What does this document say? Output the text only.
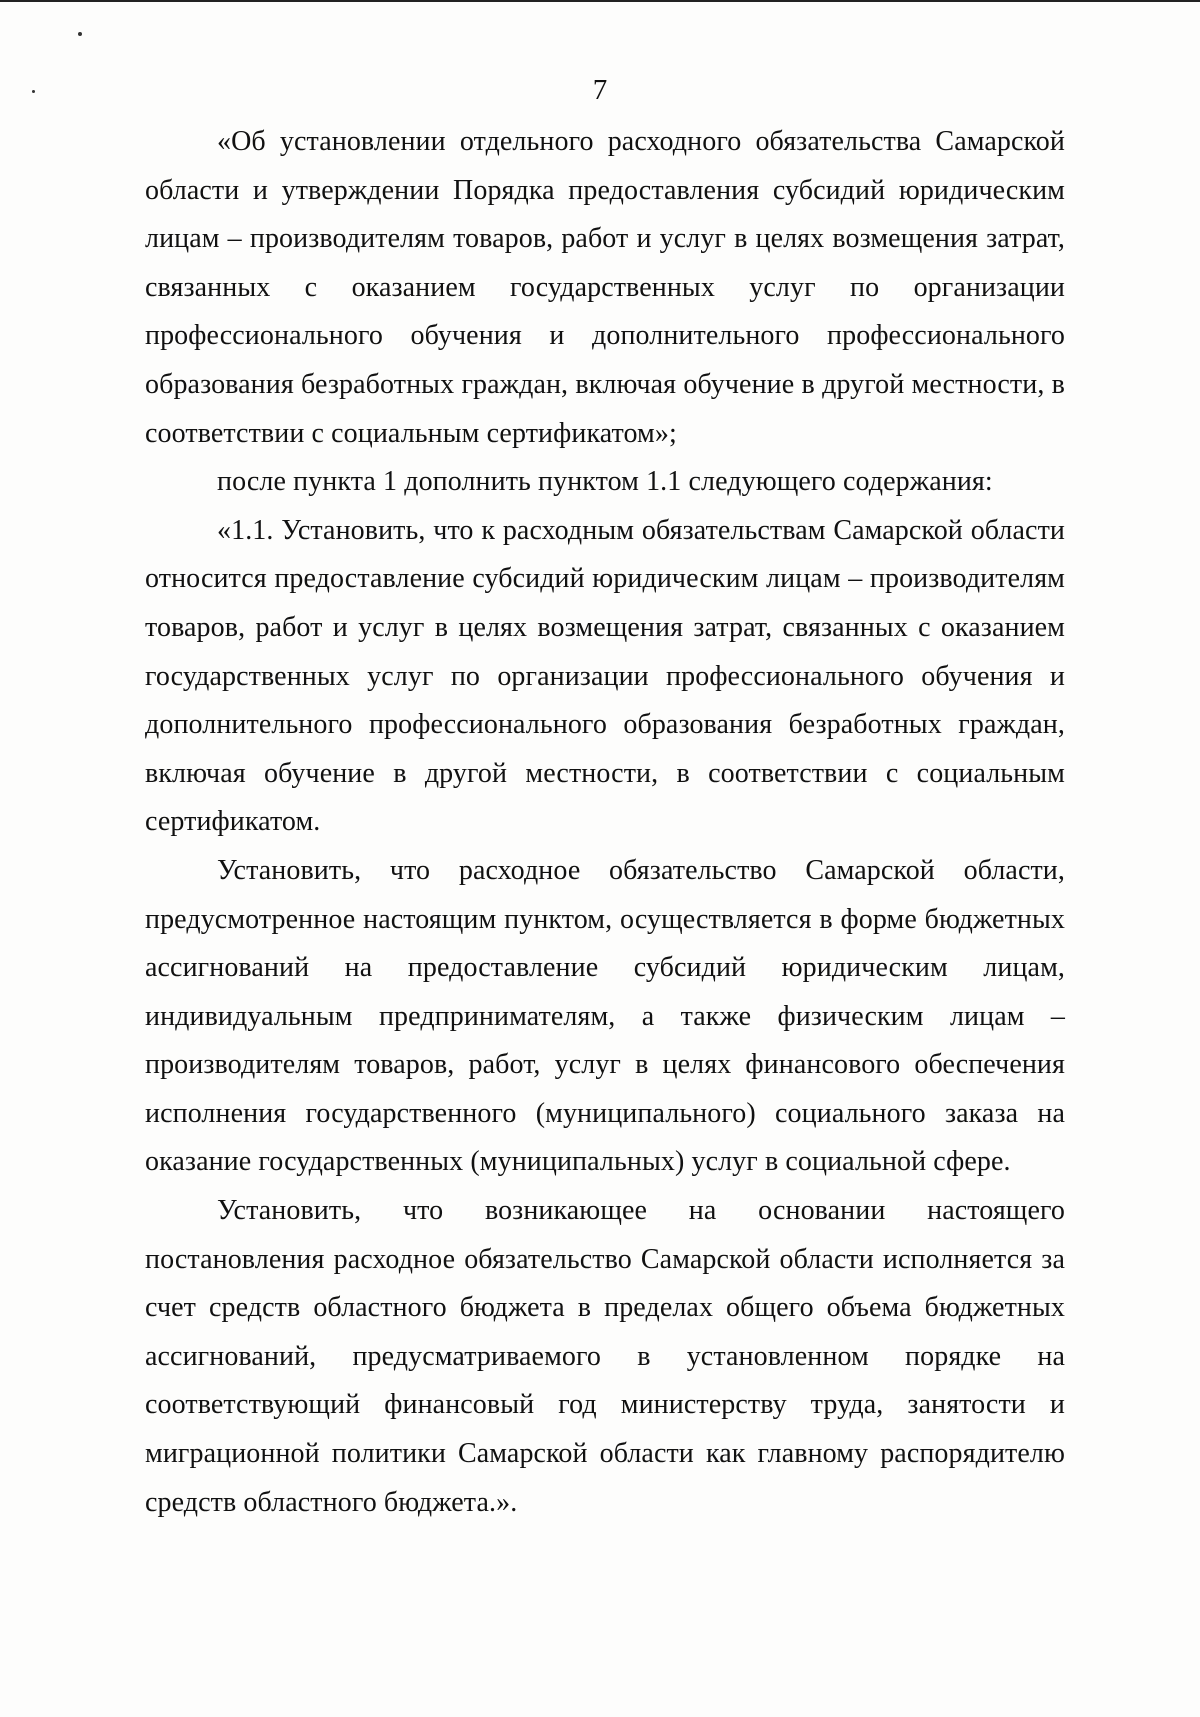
7

«Об установлении отдельного расходного обязательства Самарской области и утверждении Порядка предоставления субсидий юридическим лицам – производителям товаров, работ и услуг в целях возмещения затрат, связанных с оказанием государственных услуг по организации профессионального обучения и дополнительного профессионального образования безработных граждан, включая обучение в другой местности, в соответствии с социальным сертификатом»;

после пункта 1 дополнить пунктом 1.1 следующего содержания:

«1.1. Установить, что к расходным обязательствам Самарской области относится предоставление субсидий юридическим лицам – производителям товаров, работ и услуг в целях возмещения затрат, связанных с оказанием государственных услуг по организации профессионального обучения и дополнительного профессионального образования безработных граждан, включая обучение в другой местности, в соответствии с социальным сертификатом.

Установить, что расходное обязательство Самарской области, предусмотренное настоящим пунктом, осуществляется в форме бюджетных ассигнований на предоставление субсидий юридическим лицам, индивидуальным предпринимателям, а также физическим лицам – производителям товаров, работ, услуг в целях финансового обеспечения исполнения государственного (муниципального) социального заказа на оказание государственных (муниципальных) услуг в социальной сфере.

Установить, что возникающее на основании настоящего постановления расходное обязательство Самарской области исполняется за счет средств областного бюджета в пределах общего объема бюджетных ассигнований, предусматриваемого в установленном порядке на соответствующий финансовый год министерству труда, занятости и миграционной политики Самарской области как главному распорядителю средств областного бюджета.».
